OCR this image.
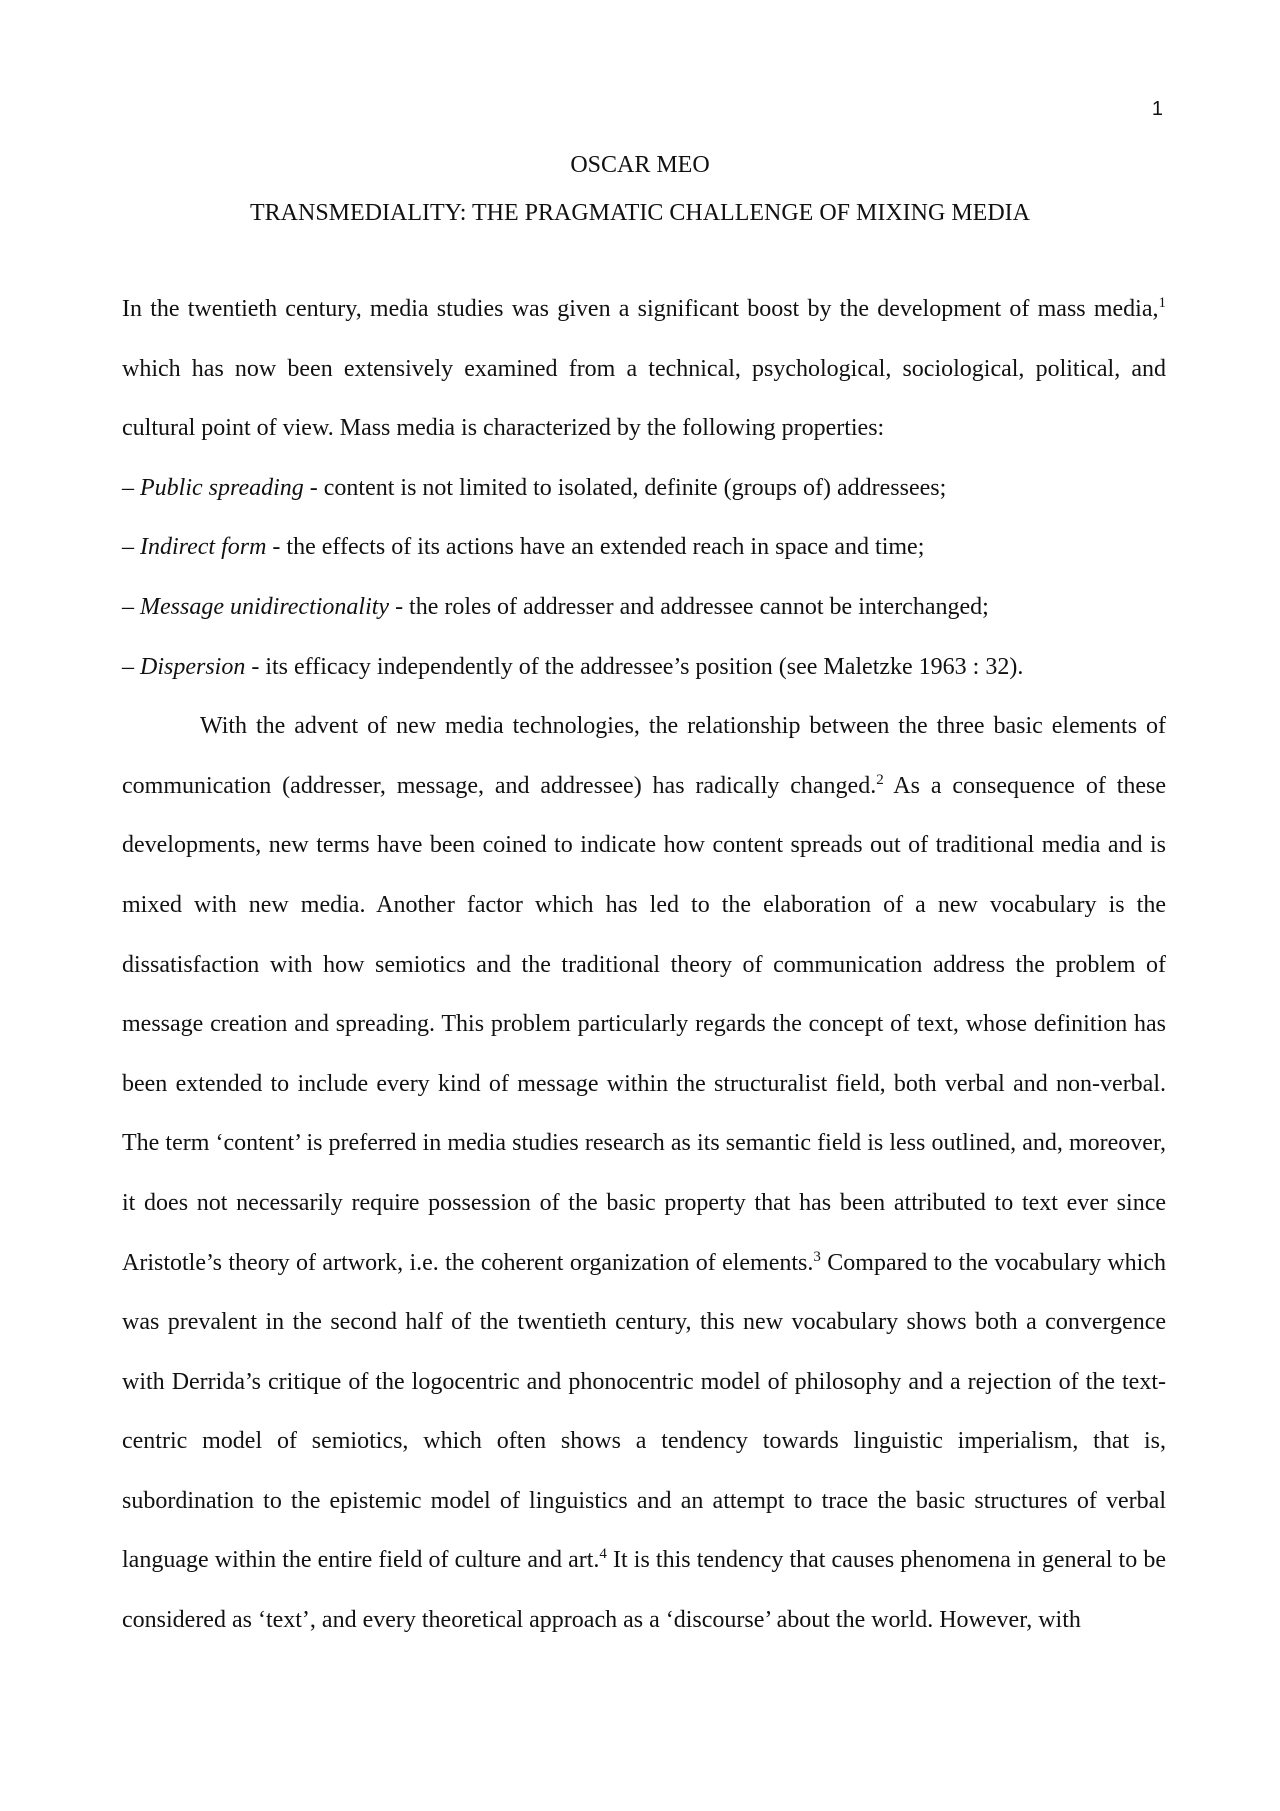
1
OSCAR MEO
TRANSMEDIALITY: THE PRAGMATIC CHALLENGE OF MIXING MEDIA

In the twentieth century, media studies was given a significant boost by the development of mass media,$^1$ which has now been extensively examined from a technical, psychological, sociological, political, and cultural point of view. Mass media is characterized by the following properties:

– Public spreading - content is not limited to isolated, definite (groups of) addressees;
– Indirect form - the effects of its actions have an extended reach in space and time;
– Message unidirectionality - the roles of addresser and addressee cannot be interchanged;
– Dispersion - its efficacy independently of the addressee’s position (see Maletzke 1963 : 32).

With the advent of new media technologies, the relationship between the three basic elements of communication (addresser, message, and addressee) has radically changed.$^2$ As a consequence of these developments, new terms have been coined to indicate how content spreads out of traditional media and is mixed with new media. Another factor which has led to the elaboration of a new vocabulary is the dissatisfaction with how semiotics and the traditional theory of communication address the problem of message creation and spreading. This problem particularly regards the concept of text, whose definition has been extended to include every kind of message within the structuralist field, both verbal and non-verbal. The term ‘content’ is preferred in media studies research as its semantic field is less outlined, and, moreover, it does not necessarily require possession of the basic property that has been attributed to text ever since Aristotle’s theory of artwork, i.e. the coherent organization of elements.$^3$ Compared to the vocabulary which was prevalent in the second half of the twentieth century, this new vocabulary shows both a convergence with Derrida’s critique of the logocentric and phonocentric model of philosophy and a rejection of the text-centric model of semiotics, which often shows a tendency towards linguistic imperialism, that is, subordination to the epistemic model of linguistics and an attempt to trace the basic structures of verbal language within the entire field of culture and art.$^4$ It is this tendency that causes phenomena in general to be considered as ‘text’, and every theoretical approach as a ‘discourse’ about the world. However, with
